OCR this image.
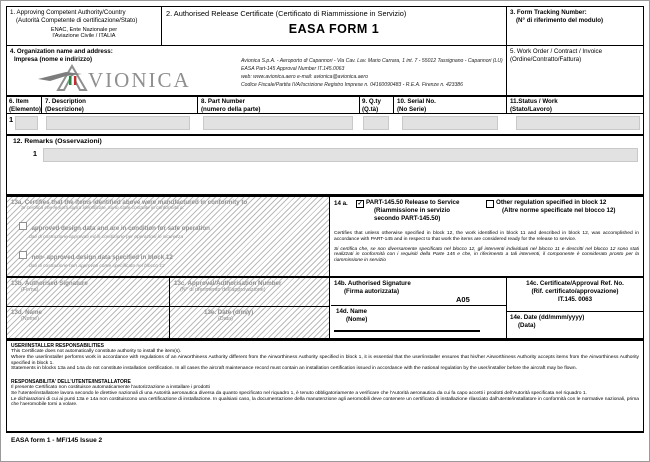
1. Approving Competent Authority/Country
(Autorità Competente di certificazione/Stato)
ENAC, Ente Nazionale per
l'Aviazione Civile / ITALIA
2. Authorised Release Certificate (Certificato di Riammissione in Servizio)
EASA FORM 1
3. Form Tracking Number:
(N° di riferimento del modulo)
4. Organization name and address:
Impresa (nome e indirizzo)
VIONICA
Avionica S.p.A. - Aeroporto di Capannori - Via Cav. Lav. Mario Carrara, 1 int. 7 - 55012 Tassignano - Capannori (LU)
EASA Part-145 Approval Number IT.145.0063
web: www.avionica.aero e-mail: avionica@avionica.aero
Codice Fiscale/Partita IVA/Iscrizione Registro Imprese n. 04160090483 - R.E.A. Firenze n. 423386
5. Work Order / Contract / Invoice
(Ordine/Contratto/Fattura)
6. Item
(Elemento)
7. Description
(Descrizione)
8. Part Number
(numero della parte)
9. Q.ty
(Q.tà)
10. Serial No.
(No Serie)
11.Status / Work
(Stato/Lavoro)
1
12. Remarks (Osservazioni)
1
13a. Certifies that the items identified above were manufactured in conformity to
Si certifica che le parti sopra identificate, sono state costruite in conformità a:
approved design data and are in condition for safe operation
dati di costruzione approvati ed in condizione per operazioni in sicurezza
non- approved design data specified in block 12
dati di costruzione non approvati come specificato nel blocco 12
14 a. ✓ PART-145.50 Release to Service
(Riammissione in servizio
secondo PART-145.50)
Other regulation specified in block 12
(Altre norme specificate nel blocco 12)
Certifies that unless otherwise specified in block 12, the work identified in block 11 and described in block 12, was accomplished in accordance with PART-145 and in respect to that work the items are considered ready for the release to service.
Si certifica che, se non diversamente specificato nel blocco 12, gli interventi individuati nel blocco 11 e descritti nel blocco 12 sono stati realizzati in conformità con i requisiti della Parte 145 e che, in riferimento a tali interventi, il componente è considerato pronto per la riammissione in servizio
13b. Authorised Signature
(Firma)
13c. Approval/Authorisation Number
(N° di riferimento dell'approvazione)
13d. Name
(Nome)
13e. Date (d/m/y)
(Data)
14b. Authorised Signature
(Firma autorizzata)
A05
14d. Name
(Nome)
14c. Certificate/Approval Ref. No.
(Rif. certificato/approvazione)
IT.145. 0063
14e. Date (dd/mmm/yyyy)
(Data)
USER/INSTALLER RESPONSABILITIES
This Certificate does not automatically constitute authority to install the item(s).
Where the user/installer performs work in accordance with regulations of an Airworthiness Authority different from the Airworthiness Authority specified in block 1, it is essential that the user/installer ensures that his/her Airworthiness Authority accepts items from the Airworthiness Authority specified in block 1.
Statements in blocks 13a and 14a do not constitute installation certification. In all cases the aircraft maintenance record must contain an installation certification issued in accordance with the national regulation by the user/installer before the aircraft may be flown.
RESPONSABILITA' DELL'UTENTE/INSTALLATORE
Il presente Certificato non costituisce automaticamente l'autorizzazione a installare i prodotti
Se l'utente/installatore lavora secondo le direttive nazionali di una Autorità aeronautica diversa da quanto specificato nel riquadro 1, è tenuto obbligatoriamente a verificare che l'Autorità aeronautica da cui fa capo accetti i prodotti dell'Autorità specificata nel riquadro 1.
Le dichiarazioni di cui ai punti 13a e 14a non costituiscono una certificazione di installazione. In qualsiasi caso, la documentazione della manutenzione agli aeromobili deve contenere un certificato di installazione rilasciato dall'utente/installatore in conformità con le normative nazionali, prima che l'aeromobile torni a volare.
EASA form 1 - MF/145 Issue 2
